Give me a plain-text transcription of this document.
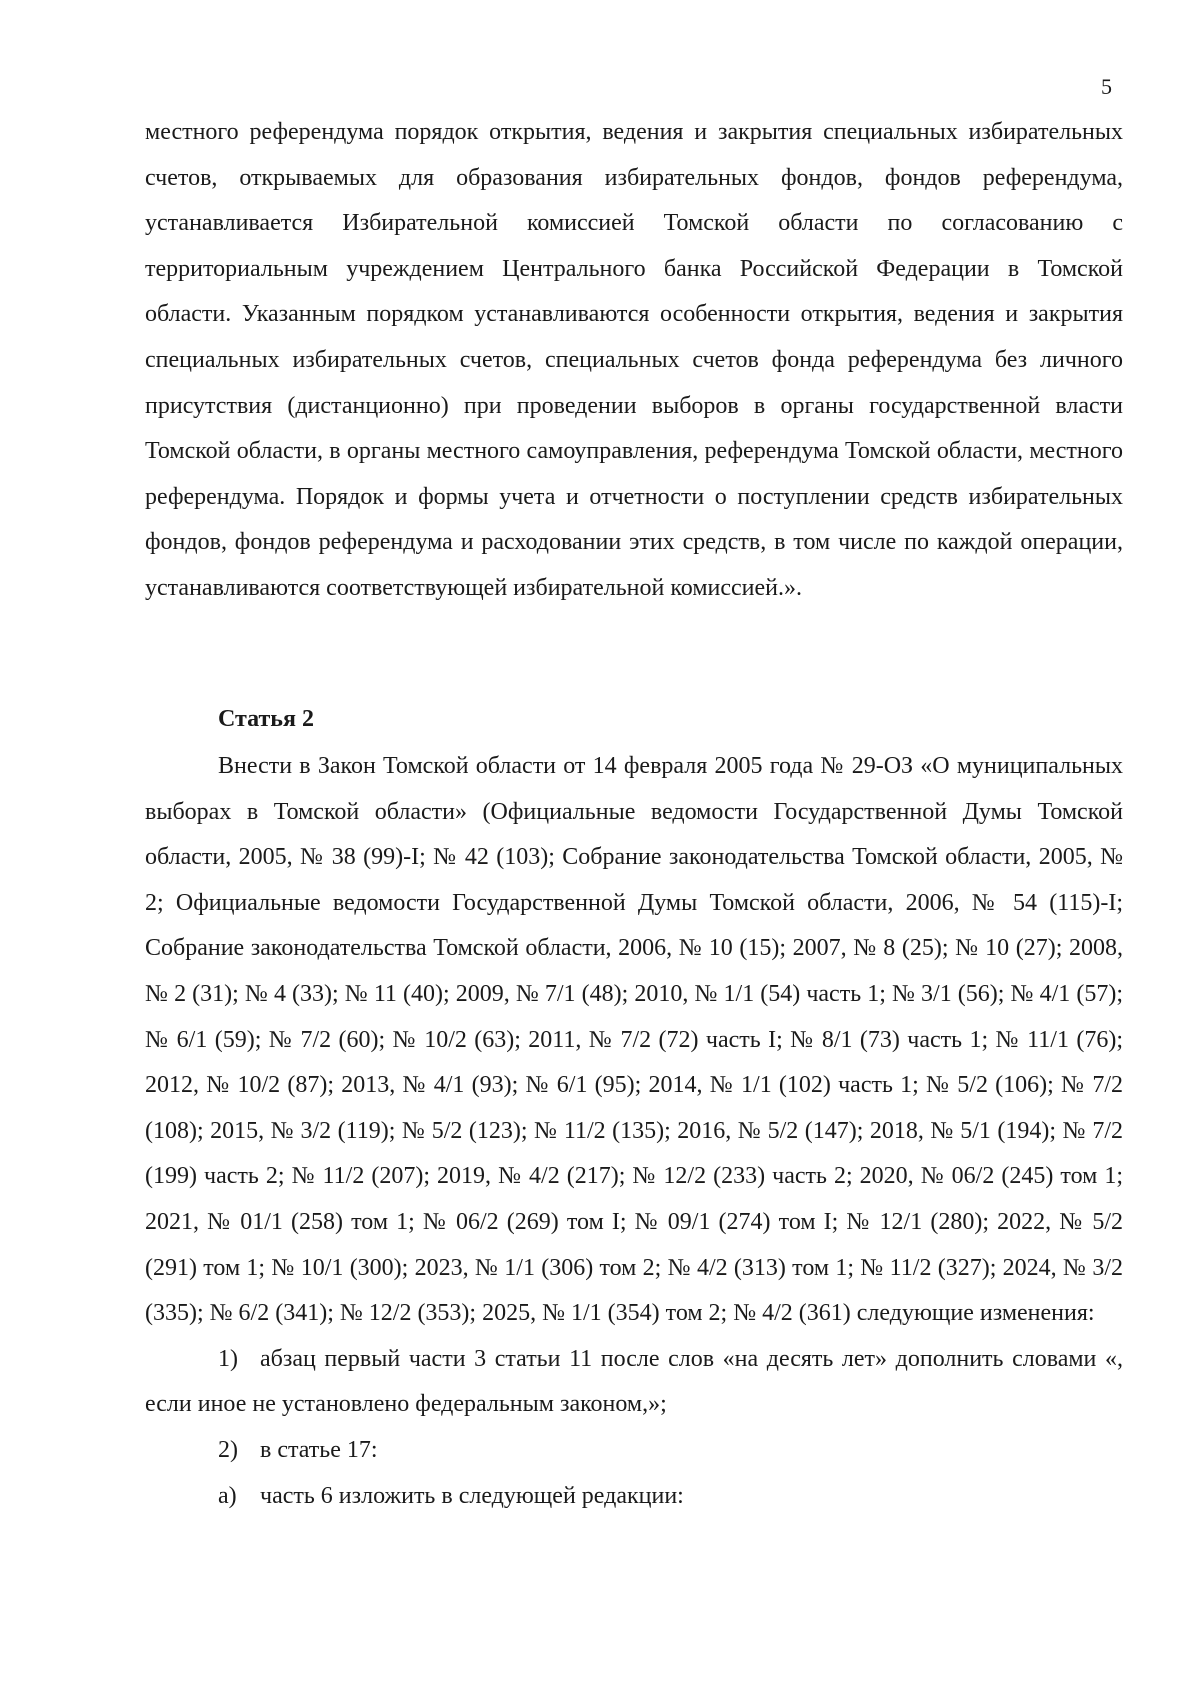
5

местного референдума порядок открытия, ведения и закрытия специальных избирательных счетов, открываемых для образования избирательных фондов, фондов референдума, устанавливается Избирательной комиссией Томской области по согласованию с территориальным учреждением Центрального банка Российской Федерации в Томской области. Указанным порядком устанавливаются особенности открытия, ведения и закрытия специальных избирательных счетов, специальных счетов фонда референдума без личного присутствия (дистанционно) при проведении выборов в органы государственной власти Томской области, в органы местного самоуправления, референдума Томской области, местного референдума. Порядок и формы учета и отчетности о поступлении средств избирательных фондов, фондов референдума и расходовании этих средств, в том числе по каждой операции, устанавливаются соответствующей избирательной комиссией.».

Статья 2

Внести в Закон Томской области от 14 февраля 2005 года № 29-ОЗ «О муниципальных выборах в Томской области» (Официальные ведомости Государственной Думы Томской области, 2005, № 38 (99)-I; № 42 (103); Собрание законодательства Томской области, 2005, № 2; Официальные ведомости Государственной Думы Томской области, 2006, № 54 (115)-I; Собрание законодательства Томской области, 2006, № 10 (15); 2007, № 8 (25); № 10 (27); 2008, № 2 (31); № 4 (33); № 11 (40); 2009, № 7/1 (48); 2010, № 1/1 (54) часть 1; № 3/1 (56); № 4/1 (57); № 6/1 (59); № 7/2 (60); № 10/2 (63); 2011, № 7/2 (72) часть I; № 8/1 (73) часть 1; № 11/1 (76); 2012, № 10/2 (87); 2013, № 4/1 (93); № 6/1 (95); 2014, № 1/1 (102) часть 1; № 5/2 (106); № 7/2 (108); 2015, № 3/2 (119); № 5/2 (123); № 11/2 (135); 2016, № 5/2 (147); 2018, № 5/1 (194); № 7/2 (199) часть 2; № 11/2 (207); 2019, № 4/2 (217); № 12/2 (233) часть 2; 2020, № 06/2 (245) том 1; 2021, № 01/1 (258) том 1; № 06/2 (269) том I; № 09/1 (274) том I; № 12/1 (280); 2022, № 5/2 (291) том 1; № 10/1 (300); 2023, № 1/1 (306) том 2; № 4/2 (313) том 1; № 11/2 (327); 2024, № 3/2 (335); № 6/2 (341); № 12/2 (353); 2025, № 1/1 (354) том 2; № 4/2 (361) следующие изменения:

1) абзац первый части 3 статьи 11 после слов «на десять лет» дополнить словами «, если иное не установлено федеральным законом,»;

2) в статье 17:

а) часть 6 изложить в следующей редакции:
